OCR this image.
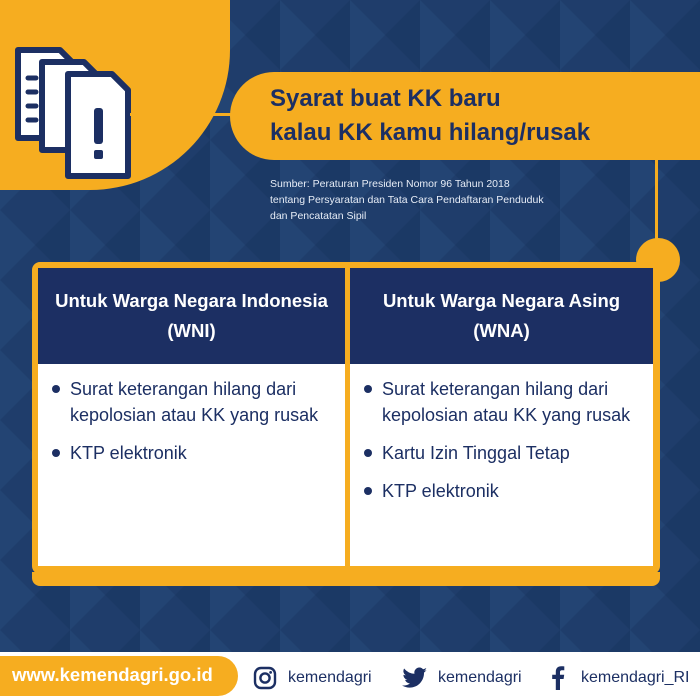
Syarat buat KK baru
kalau KK kamu hilang/rusak
Sumber: Peraturan Presiden Nomor 96 Tahun 2018
tentang Persyaratan dan Tata Cara Pendaftaran Penduduk
dan Pencatatan Sipil
Untuk Warga Negara Indonesia
(WNI)
Surat keterangan hilang dari kepolosian atau KK yang rusak
KTP elektronik
Untuk Warga Negara Asing
(WNA)
Surat keterangan hilang dari kepolosian atau KK yang rusak
Kartu Izin Tinggal Tetap
KTP elektronik
www.kemendagri.go.id	kemendagri	kemendagri	kemendagri_RI
